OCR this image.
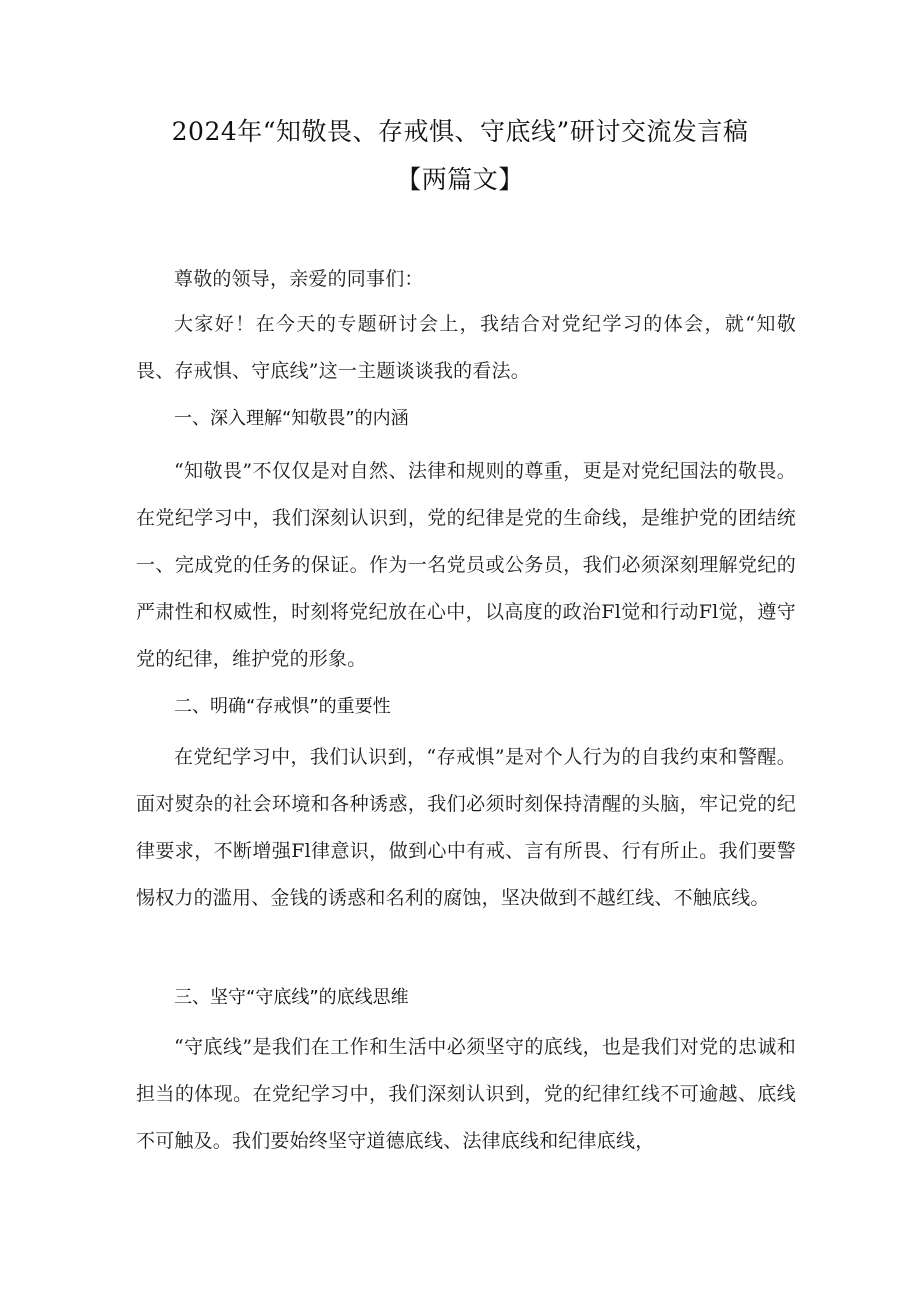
2024年“知敬畏、存戒惧、守底线”研讨交流发言稿
【两篇文】
尊敬的领导，亲爱的同事们：
大家好！在今天的专题研讨会上，我结合对党纪学习的体会，就“知敬畏、存戒惧、守底线”这一主题谈谈我的看法。
一、深入理解“知敬畏”的内涵
“知敬畏”不仅仅是对自然、法律和规则的尊重，更是对党纪国法的敬畏。在党纪学习中，我们深刻认识到，党的纪律是党的生命线，是维护党的团结统一、完成党的任务的保证。作为一名党员或公务员，我们必须深刻理解党纪的严肃性和权威性，时刻将党纪放在心中，以高度的政治Fl觉和行动Fl觉，遵守党的纪律，维护党的形象。
二、明确“存戒惧”的重要性
在党纪学习中，我们认识到，“存戒惧”是对个人行为的自我约束和警醒。面对熨杂的社会环境和各种诱惑，我们必须时刻保持清醒的头脑，牢记党的纪律要求，不断增强Fl律意识，做到心中有戒、言有所畏、行有所止。我们要警惕权力的滥用、金钱的诱惑和名利的腐蚀，坚决做到不越红线、不触底线。
三、坚守“守底线”的底线思维
“守底线”是我们在工作和生活中必须坚守的底线，也是我们对党的忠诚和担当的体现。在党纪学习中，我们深刻认识到，党的纪律红线不可逾越、底线不可触及。我们要始终坚守道德底线、法律底线和纪律底线，
